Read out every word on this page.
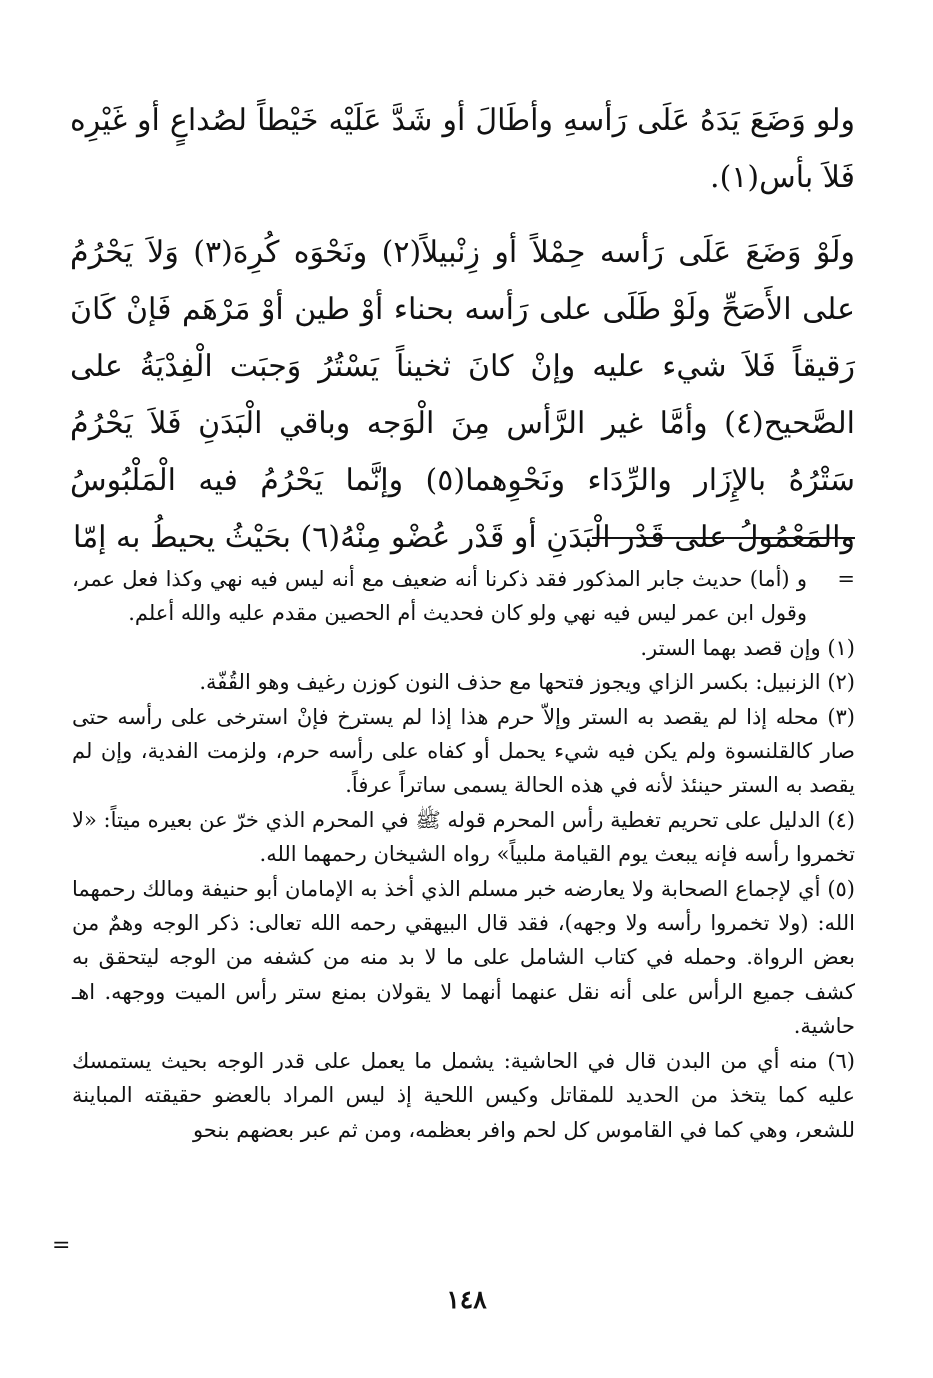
ولو وَضَعَ يَدَهُ عَلَى رَأسهِ وأطَالَ أو شَدَّ عَلَيْه خَيْطاً لصُداعٍ أو غَيْرِه فَلاَ بأس(١).

ولَوْ وَضَعَ عَلَى رَأسه حِمْلاً أو زِنْبيلاً(٢) ونَحْوَه كُرِهَ(٣) وَلاَ يَحْرُمُ على الأَصَحِّ ولَوْ طَلَى على رَأسه بحناء أوْ طين أوْ مَرْهَم فَإنْ كَانَ رَقيقاً فَلاَ شيء عليه وإنْ كانَ ثخيناً يَسْتُرُ وَجبَت الْفِدْيَةُ على الصَّحيح(٤) وأمَّا غير الرَّأس مِنَ الْوَجه وباقي الْبَدَنِ فَلاَ يَحْرُمُ سَتْرُهُ بالإِزَار والرِّدَاء ونَحْوِهما(٥) وإنَّما يَحْرُمُ فيه الْمَلْبُوسُ والمَعْمُولُ على قَدْر الْبَدَنِ أو قَدْر عُضْو مِنْهُ(٦) بحَيْثُ يحيطُ به إمّا

=
و (أما) حديث جابر المذكور فقد ذكرنا أنه ضعيف مع أنه ليس فيه نهي وكذا فعل عمر، وقول ابن عمر ليس فيه نهي ولو كان فحديث أم الحصين مقدم عليه والله أعلم.

(١) وإن قصد بهما الستر.

(٢) الزنبيل: بكسر الزاي ويجوز فتحها مع حذف النون كوزن رغيف وهو القُفّة.

(٣) محله إذا لم يقصد به الستر وإلاّ حرم هذا إذا لم يسترخ فإنْ استرخى على رأسه حتى صار كالقلنسوة ولم يكن فيه شيء يحمل أو كفاه على رأسه حرم، ولزمت الفدية، وإن لم يقصد به الستر حينئذ لأنه في هذه الحالة يسمى ساتراً عرفاً.

(٤) الدليل على تحريم تغطية رأس المحرم قوله ﷺ في المحرم الذي خرّ عن بعيره ميتاً: «لا تخمروا رأسه فإنه يبعث يوم القيامة ملبياً» رواه الشيخان رحمهما الله.

(٥) أي لإجماع الصحابة ولا يعارضه خبر مسلم الذي أخذ به الإمامان أبو حنيفة ومالك رحمهما الله: (ولا تخمروا رأسه ولا وجهه)، فقد قال البيهقي رحمه الله تعالى: ذكر الوجه وهمٌ من بعض الرواة. وحمله في كتاب الشامل على ما لا بد منه من كشفه من الوجه ليتحقق به كشف جميع الرأس على أنه نقل عنهما أنهما لا يقولان بمنع ستر رأس الميت ووجهه. اهـ حاشية.

(٦) منه أي من البدن قال في الحاشية: يشمل ما يعمل على قدر الوجه بحيث يستمسك عليه كما يتخذ من الحديد للمقاتل وكيس اللحية إذ ليس المراد بالعضو حقيقته المباينة للشعر، وهي كما في القاموس كل لحم وافر بعظمه، ومن ثم عبر بعضهم بنحو

=
١٤٨
